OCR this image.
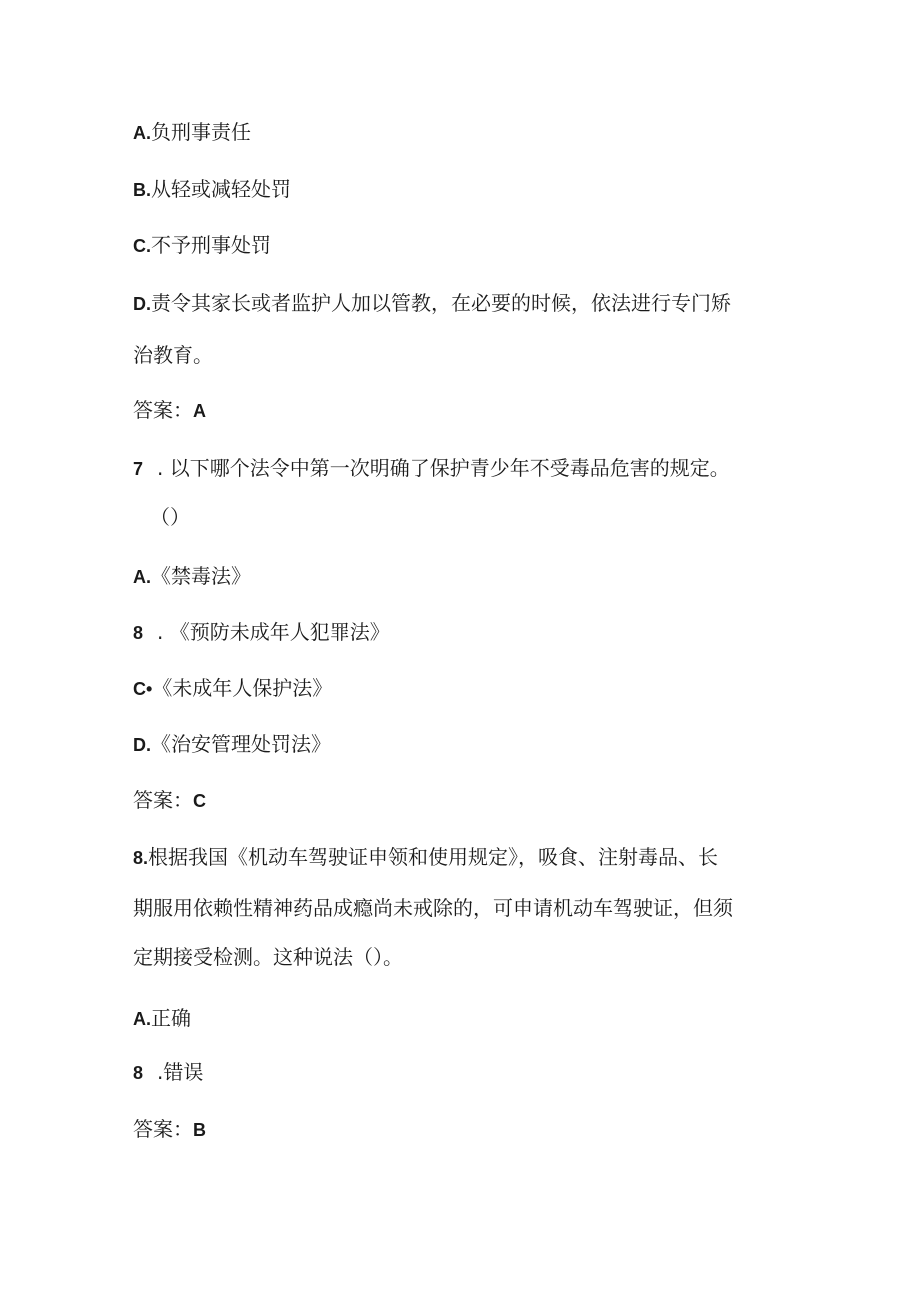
A.负刑事责任
B.从轻或减轻处罚
C.不予刑事处罚
D.责令其家长或者监护人加以管教，在必要的时候，依法进行专门矫
治教育。
答案：A
7 . 以下哪个法令中第一次明确了保护青少年不受毒品危害的规定。
（）
A.《禁毒法》
8 . 《预防未成年人犯罪法》
C•《未成年人保护法》
D.《治安管理处罚法》
答案：C
8.根据我国《机动车驾驶证申领和使用规定》，吸食、注射毒品、长
期服用依赖性精神药品成瘾尚未戒除的，可申请机动车驾驶证，但须
定期接受检测。这种说法（）。
A.正确
8 .错误
答案：B
